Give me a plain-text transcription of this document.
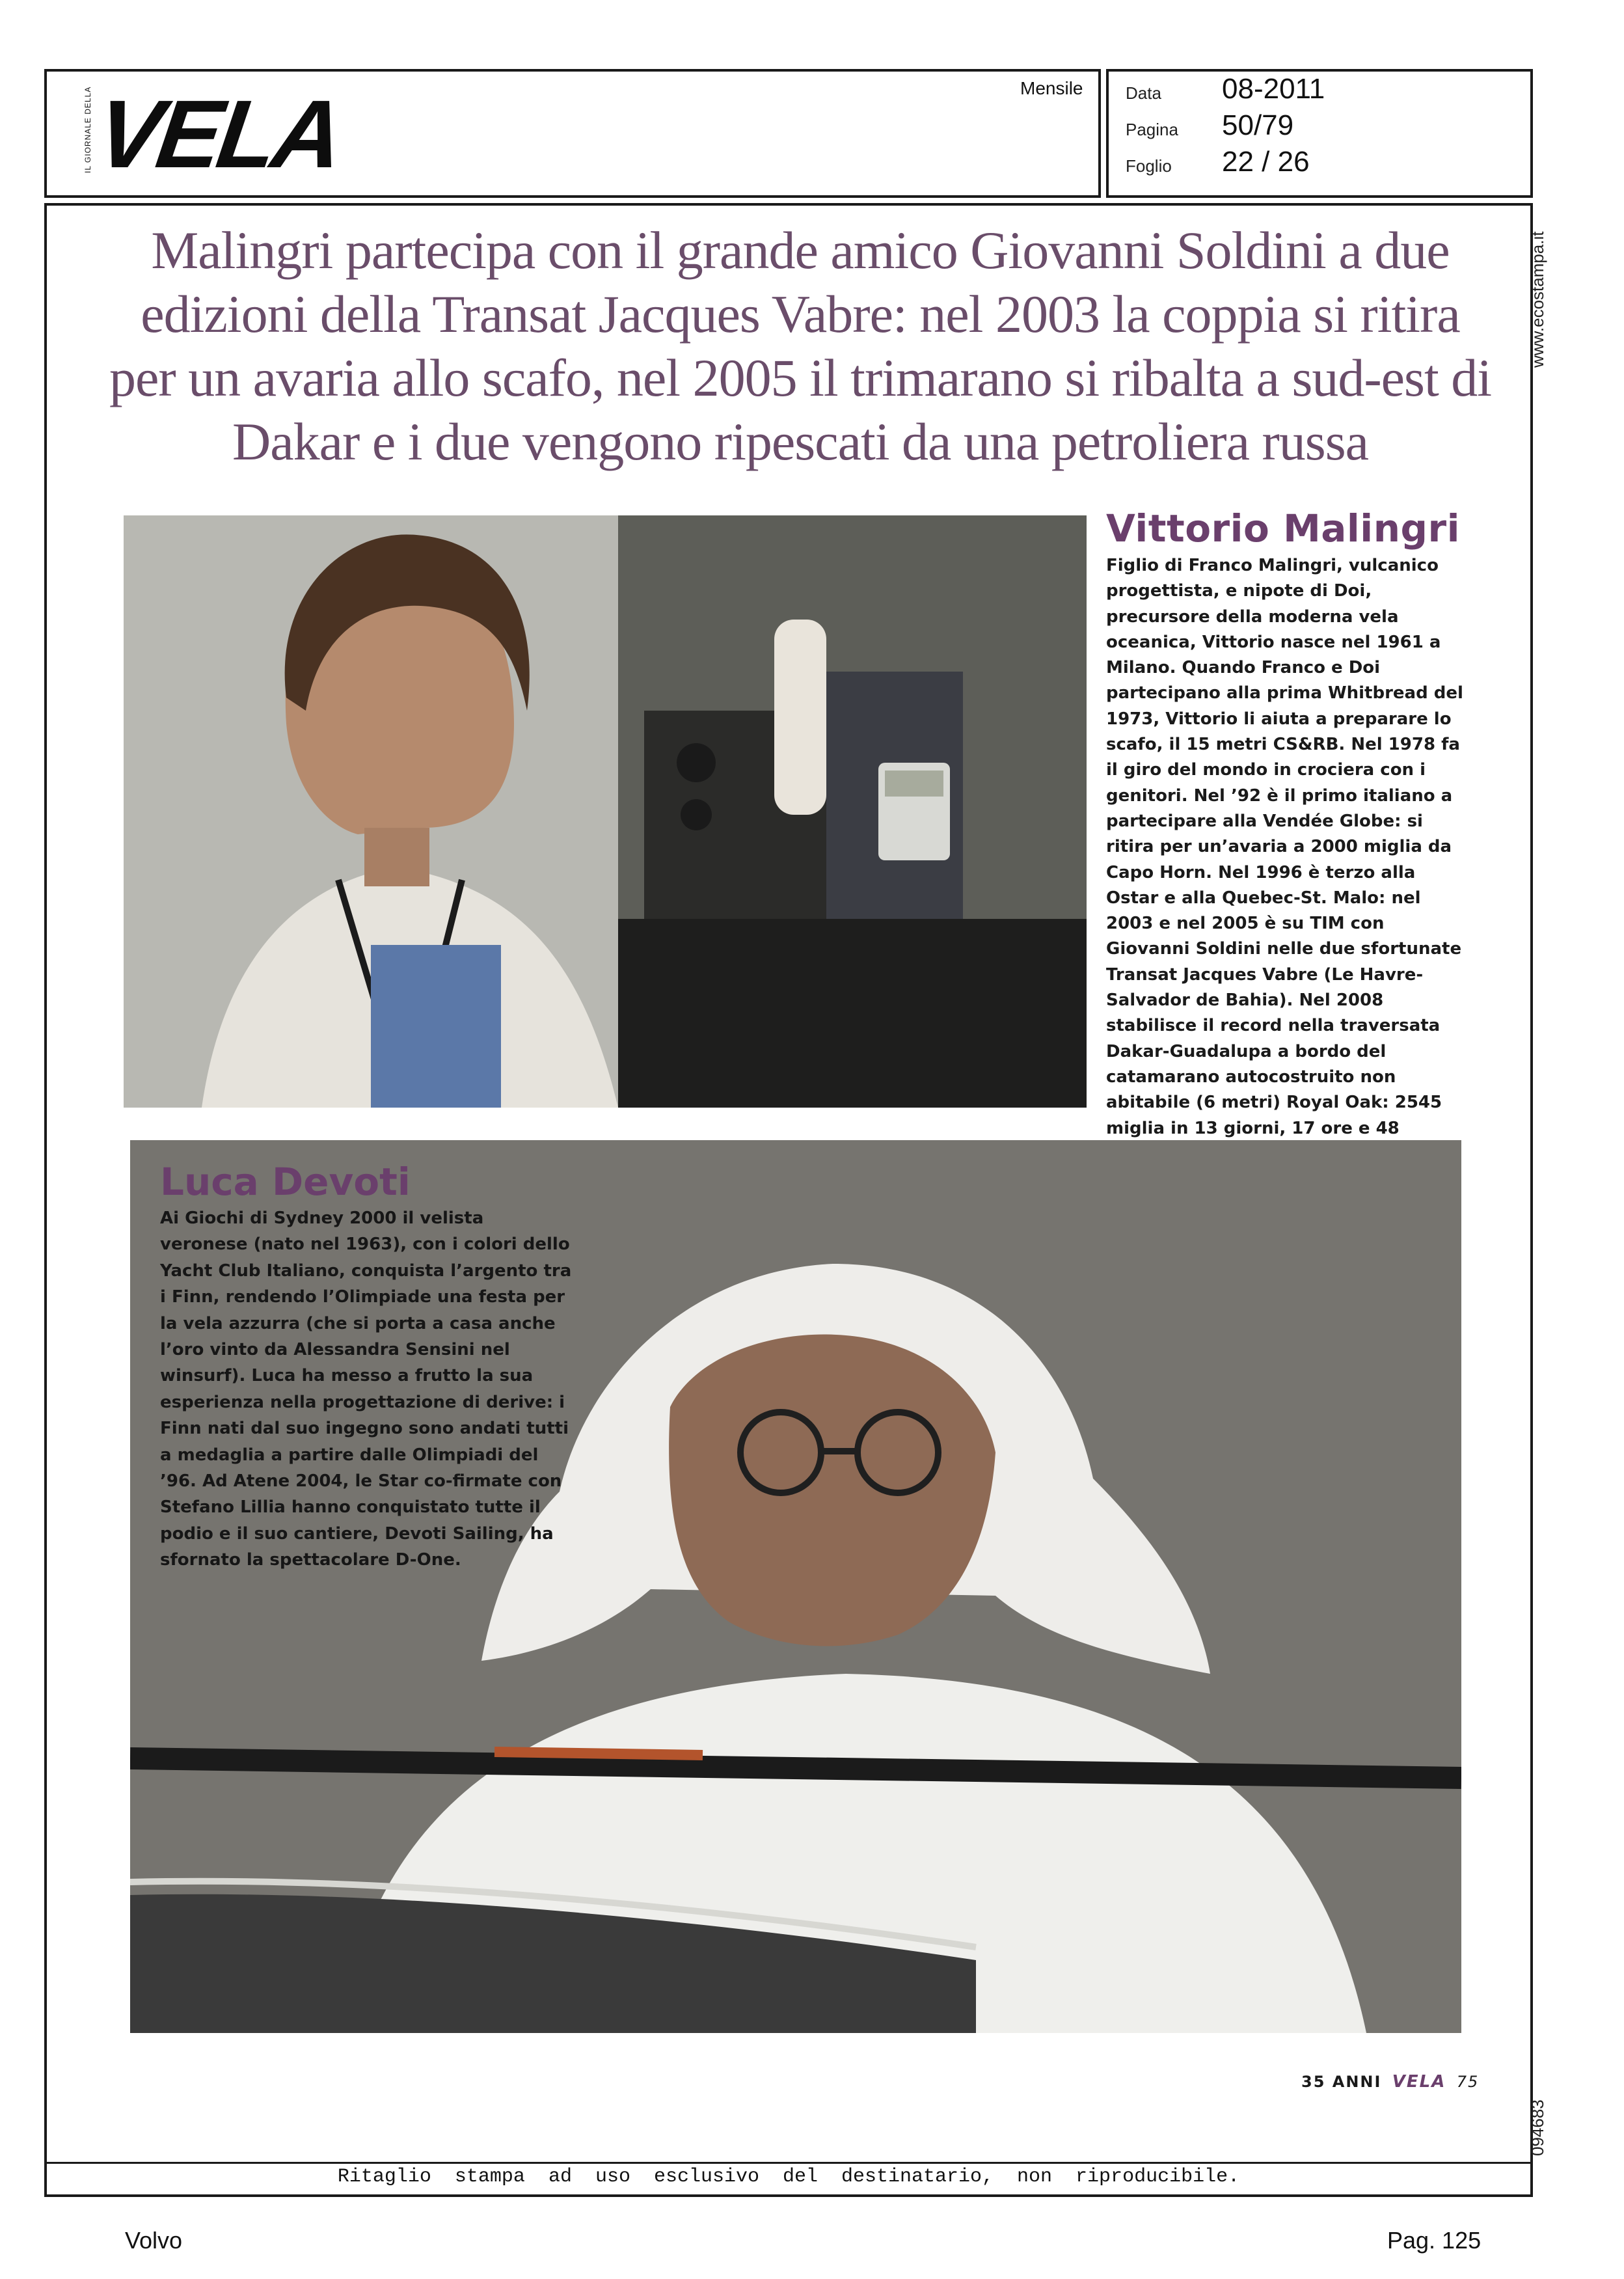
IL GIORNALE DELLA
VELA	Mensile	Data 08-2011
Pagina 50/79
Foglio 22 / 26
www.ecostampa.it
094683
Malingri partecipa con il grande amico Giovanni Soldini a due edizioni della Transat Jacques Vabre: nel 2003 la coppia si ritira per un avaria allo scafo, nel 2005 il trimarano si ribalta a sud-est di Dakar e i due vengono ripescati da una petroliera russa
Vittorio Malingri
Figlio di Franco Malingri, vulcanico progettista, e nipote di Doi, precursore della moderna vela oceanica, Vittorio nasce nel 1961 a Milano. Quando Franco e Doi partecipano alla prima Whitbread del 1973, Vittorio li aiuta a preparare lo scafo, il 15 metri CS&RB. Nel 1978 fa il giro del mondo in crociera con i genitori. Nel ’92 è il primo italiano a partecipare alla Vendée Globe: si ritira per un’avaria a 2000 miglia da Capo Horn. Nel 1996 è terzo alla Ostar e alla Quebec-St. Malo: nel 2003 e nel 2005 è su TIM con Giovanni Soldini nelle due sfortunate Transat Jacques Vabre (Le Havre-Salvador de Bahia). Nel 2008 stabilisce il record nella traversata Dakar-Guadalupa a bordo del catamarano autocostruito non abitabile (6 metri) Royal Oak: 2545 miglia in 13 giorni, 17 ore e 48
Luca Devoti
Ai Giochi di Sydney 2000 il velista veronese (nato nel 1963), con i colori dello Yacht Club Italiano, conquista l’argento tra i Finn, rendendo l’Olimpiade una festa per la vela azzurra (che si porta a casa anche l’oro vinto da Alessandra Sensini nel winsurf). Luca ha messo a frutto la sua esperienza nella progettazione di derive: i Finn nati dal suo ingegno sono andati tutti a medaglia a partire dalle Olimpiadi del ’96. Ad Atene 2004, le Star co-firmate con Stefano Lillia hanno conquistato tutte il podio e il suo cantiere, Devoti Sailing, ha sfornato la spettacolare D-One.
35 ANNI VELA 75
Ritaglio stampa ad uso esclusivo del destinatario, non riproducibile.
Volvo	Pag. 125
